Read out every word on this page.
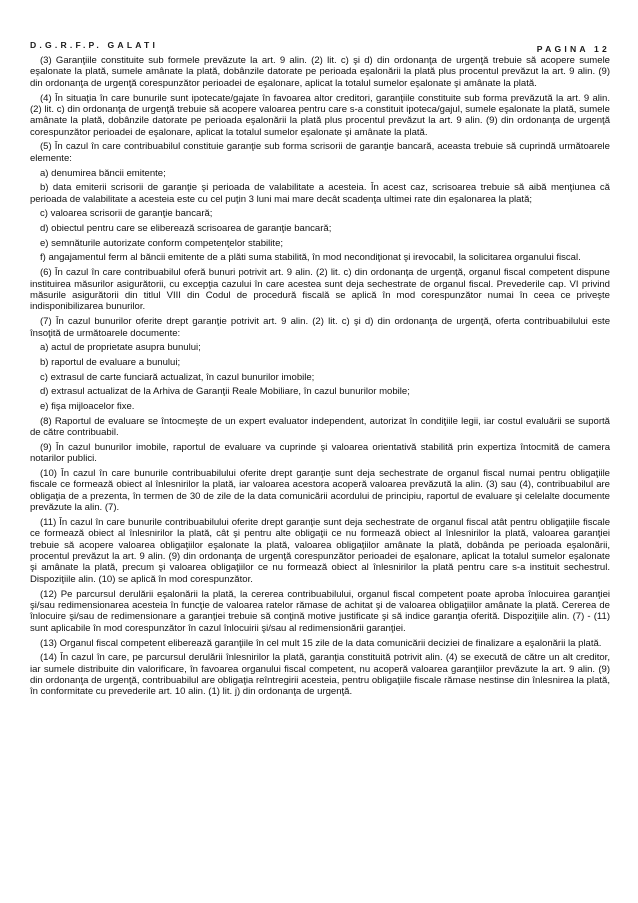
D.G.R.F.P. GALATI	PAGINA 12

(3) Garanţiile constituite sub formele prevăzute la art. 9 alin. (2) lit. c) şi d) din ordonanţa de urgenţă trebuie să acopere sumele eşalonate la plată, sumele amânate la plată, dobânzile datorate pe perioada eşalonării la plată plus procentul prevăzut la art. 9 alin. (9) din ordonanţa de urgenţă corespunzător perioadei de eşalonare, aplicat la totalul sumelor eşalonate şi amânate la plată.

(4) În situaţia în care bunurile sunt ipotecate/gajate în favoarea altor creditori, garanţiile constituite sub forma prevăzută la art. 9 alin. (2) lit. c) din ordonanţa de urgenţă trebuie să acopere valoarea pentru care s-a constituit ipoteca/gajul, sumele eşalonate la plată, sumele amânate la plată, dobânzile datorate pe perioada eşalonării la plată plus procentul prevăzut la art. 9 alin. (9) din ordonanţa de urgenţă corespunzător perioadei de eşalonare, aplicat la totalul sumelor eşalonate şi amânate la plată.

(5) În cazul în care contribuabilul constituie garanţie sub forma scrisorii de garanţie bancară, aceasta trebuie să cuprindă următoarele elemente:

a) denumirea băncii emitente;

b) data emiterii scrisorii de garanţie şi perioada de valabilitate a acesteia. În acest caz, scrisoarea trebuie să aibă menţiunea că perioada de valabilitate a acesteia este cu cel puţin 3 luni mai mare decât scadenţa ultimei rate din eşalonarea la plată;

c) valoarea scrisorii de garanţie bancară;

d) obiectul pentru care se eliberează scrisoarea de garanţie bancară;

e) semnăturile autorizate conform competenţelor stabilite;

f) angajamentul ferm al băncii emitente de a plăti suma stabilită, în mod necondiţionat şi irevocabil, la solicitarea organului fiscal.

(6) În cazul în care contribuabilul oferă bunuri potrivit art. 9 alin. (2) lit. c) din ordonanţa de urgenţă, organul fiscal competent dispune instituirea măsurilor asigurătorii, cu excepţia cazului în care acestea sunt deja sechestrate de organul fiscal. Prevederile cap. VI privind măsurile asigurătorii din titlul VIII din Codul de procedură fiscală se aplică în mod corespunzător numai în ceea ce priveşte indisponibilizarea bunurilor.

(7) În cazul bunurilor oferite drept garanţie potrivit art. 9 alin. (2) lit. c) şi d) din ordonanţa de urgenţă, oferta contribuabilului este însoţită de următoarele documente:

a) actul de proprietate asupra bunului;

b) raportul de evaluare a bunului;

c) extrasul de carte funciară actualizat, în cazul bunurilor imobile;

d) extrasul actualizat de la Arhiva de Garanţii Reale Mobiliare, în cazul bunurilor mobile;

e) fişa mijloacelor fixe.

(8) Raportul de evaluare se întocmeşte de un expert evaluator independent, autorizat în condiţiile legii, iar costul evaluării se suportă de către contribuabil.

(9) În cazul bunurilor imobile, raportul de evaluare va cuprinde şi valoarea orientativă stabilită prin expertiza întocmită de camera notarilor publici.

(10) În cazul în care bunurile contribuabilului oferite drept garanţie sunt deja sechestrate de organul fiscal numai pentru obligaţiile fiscale ce formează obiect al înlesnirilor la plată, iar valoarea acestora acoperă valoarea prevăzută la alin. (3) sau (4), contribuabilul are obligaţia de a prezenta, în termen de 30 de zile de la data comunicării acordului de principiu, raportul de evaluare şi celelalte documente prevăzute la alin. (7).

(11) În cazul în care bunurile contribuabilului oferite drept garanţie sunt deja sechestrate de organul fiscal atât pentru obligaţiile fiscale ce formează obiect al înlesnirilor la plată, cât şi pentru alte obligaţii ce nu formează obiect al înlesnirilor la plată, valoarea garanţiei trebuie să acopere valoarea obligaţiilor eşalonate la plată, valoarea obligaţiilor amânate la plată, dobânda pe perioada eşalonării, procentul prevăzut la art. 9 alin. (9) din ordonanţa de urgenţă corespunzător perioadei de eşalonare, aplicat la totalul sumelor eşalonate şi amânate la plată, precum şi valoarea obligaţiilor ce nu formează obiect al înlesnirilor la plată pentru care s-a instituit sechestrul. Dispoziţiile alin. (10) se aplică în mod corespunzător.

(12) Pe parcursul derulării eşalonării la plată, la cererea contribuabilului, organul fiscal competent poate aproba înlocuirea garanţiei şi/sau redimensionarea acesteia în funcţie de valoarea ratelor rămase de achitat şi de valoarea obligaţiilor amânate la plată. Cererea de înlocuire şi/sau de redimensionare a garanţiei trebuie să conţină motive justificate şi să indice garanţia oferită. Dispoziţiile alin. (7) - (11) sunt aplicabile în mod corespunzător în cazul înlocuirii şi/sau al redimensionării garanţiei.

(13) Organul fiscal competent eliberează garanţiile în cel mult 15 zile de la data comunicării deciziei de finalizare a eşalonării la plată.

(14) În cazul în care, pe parcursul derulării înlesnirilor la plată, garanţia constituită potrivit alin. (4) se execută de către un alt creditor, iar sumele distribuite din valorificare, în favoarea organului fiscal competent, nu acoperă valoarea garanţiilor prevăzute la art. 9 alin. (9) din ordonanţa de urgenţă, contribuabilul are obligaţia reîntregirii acesteia, pentru obligaţiile fiscale rămase nestinse din înlesnirea la plată, în conformitate cu prevederile art. 10 alin. (1) lit. j) din ordonanţa de urgenţă.
